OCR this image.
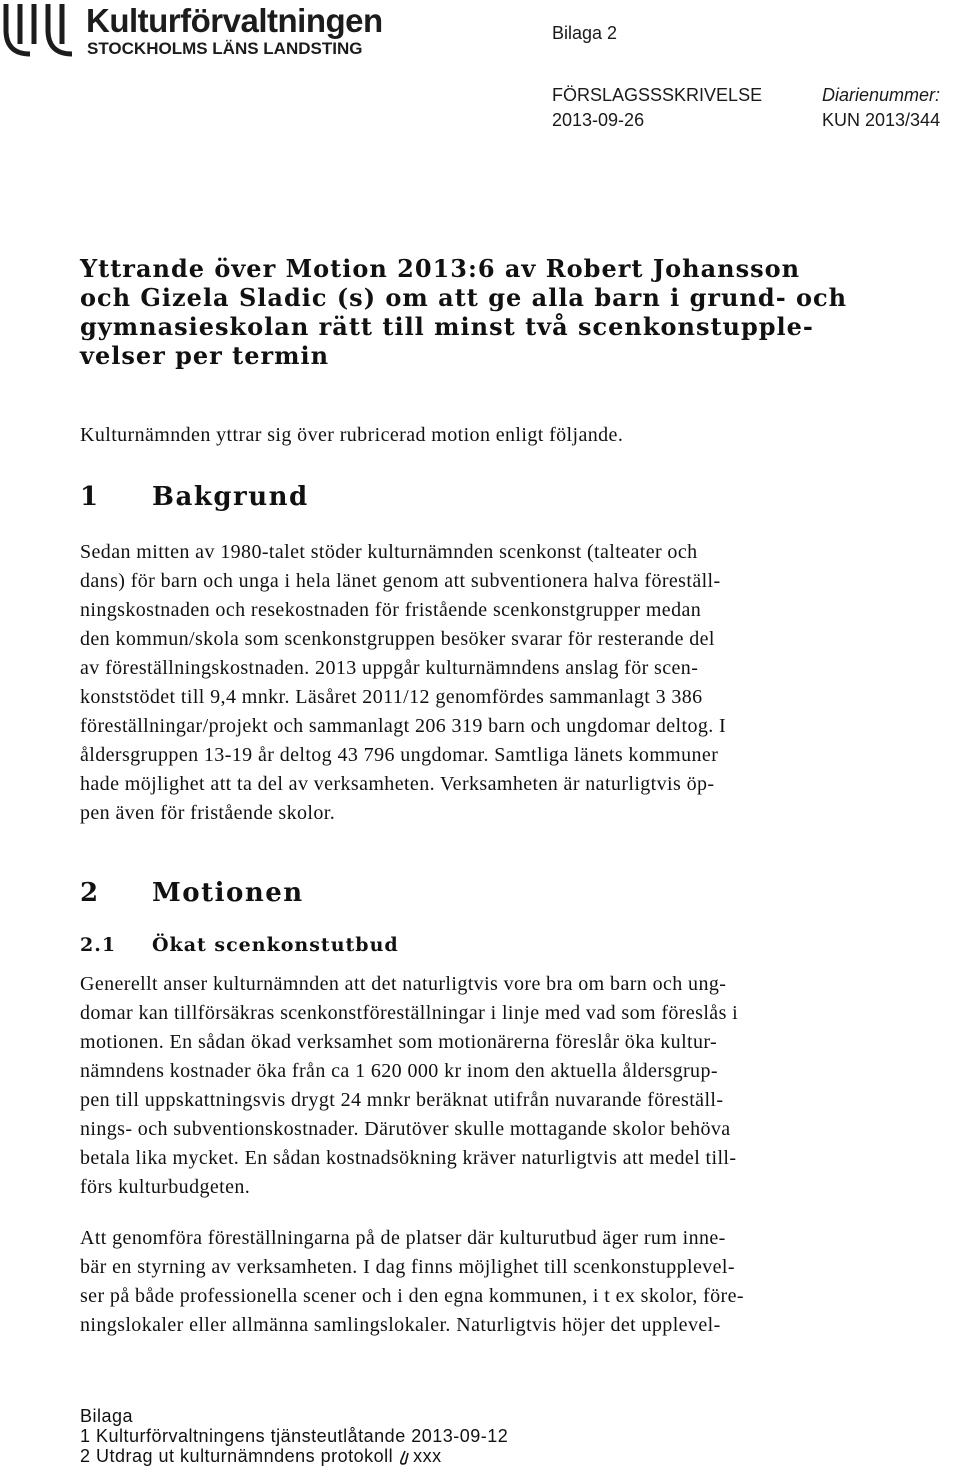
Kulturförvaltningen
STOCKHOLMS LÄNS LANDSTING
Bilaga 2
FÖRSLAGSSSKRIVELSE	Diarienummer:
2013-09-26	KUN 2013/344
Yttrande över Motion 2013:6 av Robert Johansson
och Gizela Sladic (s) om att ge alla barn i grund- och
gymnasieskolan rätt till minst två scenkonstupple-
velser per termin
Kulturnämnden yttrar sig över rubricerad motion enligt följande.
1 Bakgrund
Sedan mitten av 1980-talet stöder kulturnämnden scenkonst (talteater och
dans) för barn och unga i hela länet genom att subventionera halva föreställ-
ningskostnaden och resekostnaden för fristående scenkonstgrupper medan
den kommun/skola som scenkonstgruppen besöker svarar för resterande del
av föreställningskostnaden. 2013 uppgår kulturnämndens anslag för scen-
konststödet till 9,4 mnkr. Läsåret 2011/12 genomfördes sammanlagt 3 386
föreställningar/projekt och sammanlagt 206 319 barn och ungdomar deltog. I
åldersgruppen 13-19 år deltog 43 796 ungdomar. Samtliga länets kommuner
hade möjlighet att ta del av verksamheten. Verksamheten är naturligtvis öp-
pen även för fristående skolor.
2 Motionen
2.1 Ökat scenkonstutbud
Generellt anser kulturnämnden att det naturligtvis vore bra om barn och ung-
domar kan tillförsäkras scenkonstföreställningar i linje med vad som föreslås i
motionen. En sådan ökad verksamhet som motionärerna föreslår öka kultur-
nämndens kostnader öka från ca 1 620 000 kr inom den aktuella åldersgrup-
pen till uppskattningsvis drygt 24 mnkr beräknat utifrån nuvarande föreställ-
nings- och subventionskostnader. Därutöver skulle mottagande skolor behöva
betala lika mycket. En sådan kostnadsökning kräver naturligtvis att medel till-
förs kulturbudgeten.
Att genomföra föreställningarna på de platser där kulturutbud äger rum inne-
bär en styrning av verksamheten. I dag finns möjlighet till scenkonstupplevel-
ser på både professionella scener och i den egna kommunen, i t ex skolor, före-
ningslokaler eller allmänna samlingslokaler. Naturligtvis höjer det upplevel-
Bilaga
1 Kulturförvaltningens tjänsteutlåtande 2013-09-12
2 Utdrag ut kulturnämndens protokoll xxx
